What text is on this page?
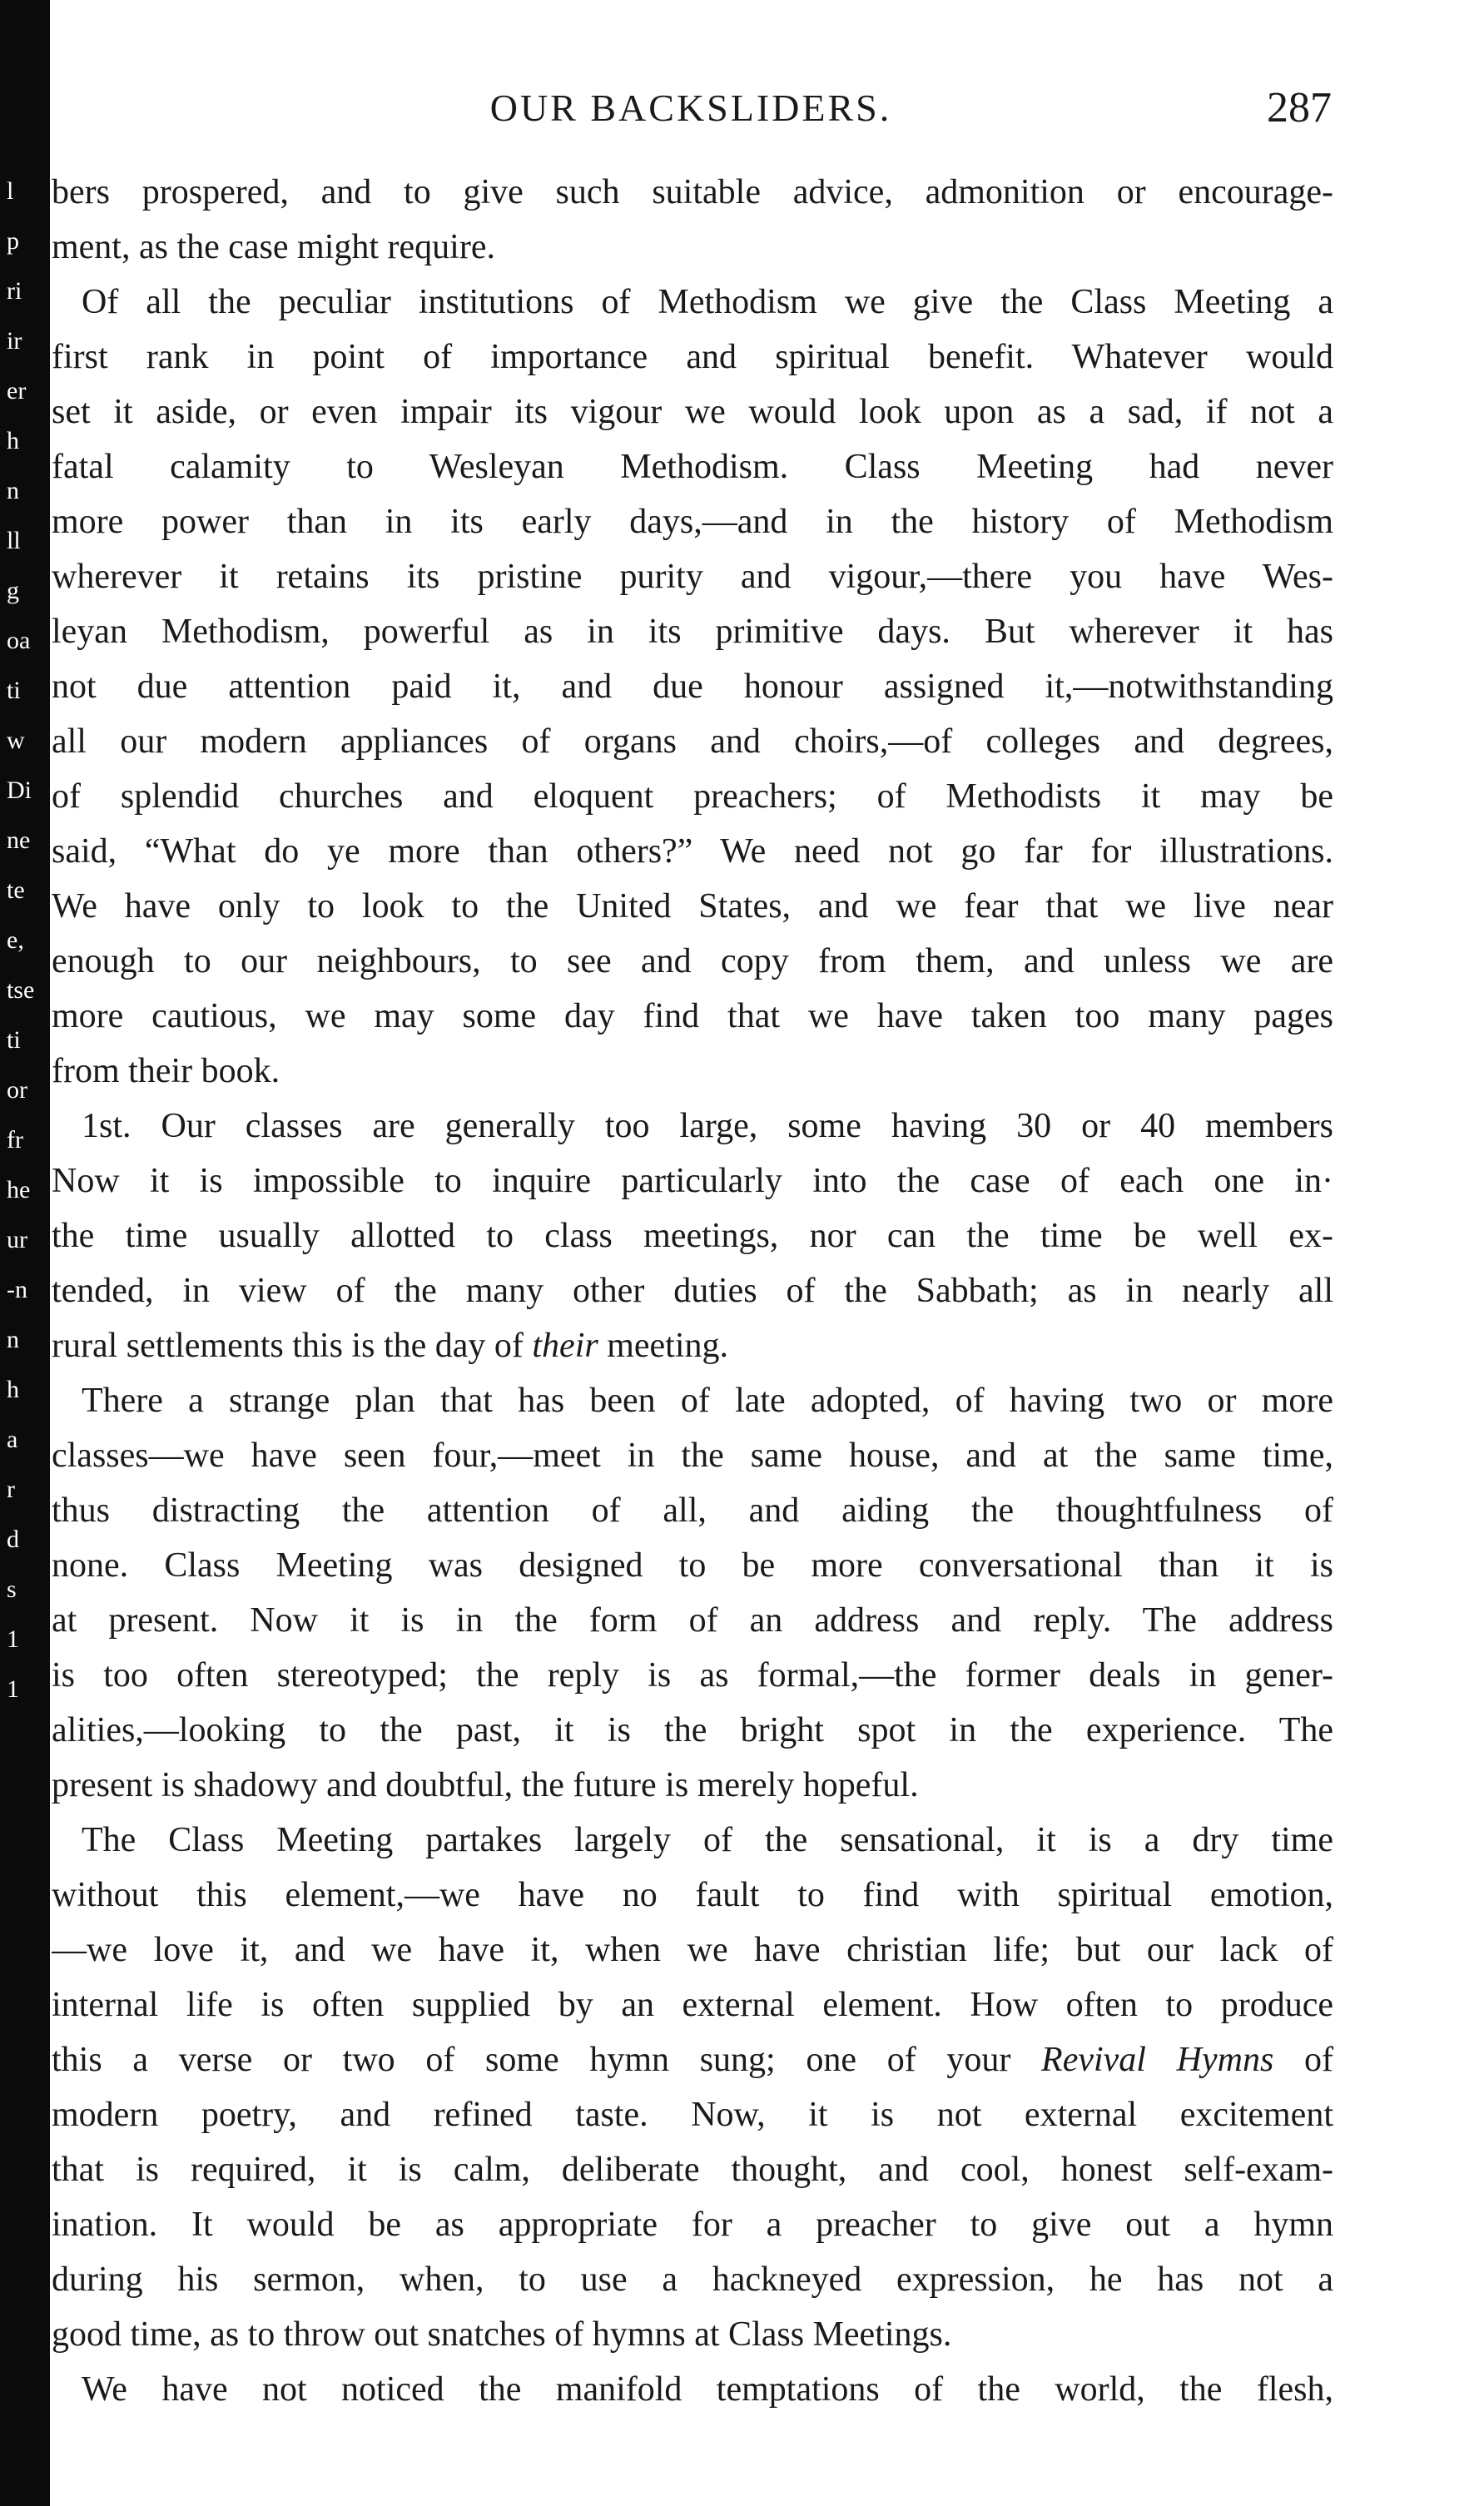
l
p
ri
ir
er
h
n
ll
g
oa
ti
w
Di
ne
te
e,
tse
ti
or
fr
he
ur
-n
n
h
a
r
d
s
1
1
OUR BACKSLIDERS.	287
bers prospered, and to give such suitable advice, admonition or encourage-
ment, as the case might require.
Of all the peculiar institutions of Methodism we give the Class Meeting a
first rank in point of importance and spiritual benefit. Whatever would
set it aside, or even impair its vigour we would look upon as a sad, if not a
fatal calamity to Wesleyan Methodism. Class Meeting had never
more power than in its early days,—and in the history of Methodism
wherever it retains its pristine purity and vigour,—there you have Wes-
leyan Methodism, powerful as in its primitive days. But wherever it has
not due attention paid it, and due honour assigned it,—notwithstanding
all our modern appliances of organs and choirs,—of colleges and degrees,
of splendid churches and eloquent preachers; of Methodists it may be
said, “What do ye more than others?” We need not go far for illustrations.
We have only to look to the United States, and we fear that we live near
enough to our neighbours, to see and copy from them, and unless we are
more cautious, we may some day find that we have taken too many pages
from their book.
1st. Our classes are generally too large, some having 30 or 40 members
Now it is impossible to inquire particularly into the case of each one in·
the time usually allotted to class meetings, nor can the time be well ex-
tended, in view of the many other duties of the Sabbath; as in nearly all
rural settlements this is the day of their meeting.
There a strange plan that has been of late adopted, of having two or more
classes—we have seen four,—meet in the same house, and at the same time,
thus distracting the attention of all, and aiding the thoughtfulness of
none. Class Meeting was designed to be more conversational than it is
at present. Now it is in the form of an address and reply. The address
is too often stereotyped; the reply is as formal,—the former deals in gener-
alities,—looking to the past, it is the bright spot in the experience. The
present is shadowy and doubtful, the future is merely hopeful.
The Class Meeting partakes largely of the sensational, it is a dry time
without this element,—we have no fault to find with spiritual emotion,
—we love it, and we have it, when we have christian life; but our lack of
internal life is often supplied by an external element. How often to produce
this a verse or two of some hymn sung; one of your Revival Hymns of
modern poetry, and refined taste. Now, it is not external excitement
that is required, it is calm, deliberate thought, and cool, honest self-exam-
ination. It would be as appropriate for a preacher to give out a hymn
during his sermon, when, to use a hackneyed expression, he has not a
good time, as to throw out snatches of hymns at Class Meetings.
We have not noticed the manifold temptations of the world, the flesh,
